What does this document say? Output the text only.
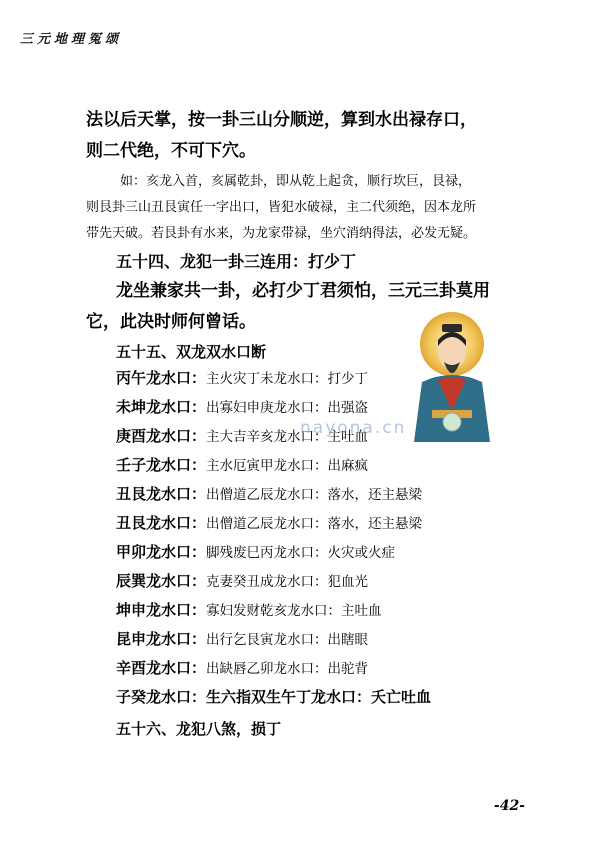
三元地理冤颂

法以后天掌，按一卦三山分顺逆，算到水出禄存口，

则二代绝，不可下穴。

如：亥龙入首，亥属乾卦，即从乾上起贪，顺行坎巨，艮禄，

则艮卦三山丑艮寅任一字出口，皆犯水破禄，主二代须绝，因本龙所

带先天破。若艮卦有水来，为龙家带禄，坐穴消纳得法，必发无疑。

五十四、龙犯一卦三连用：打少丁

龙坐兼家共一卦，必打少丁君须怕，三元三卦莫用

它，此决时师何曾话。

五十五、双龙双水口断

丙午龙水口： 主火灾丁未龙水口：打少丁
未坤龙水口： 出寡妇申庚龙水口：出强盗
庚酉龙水口： 主大吉辛亥龙水口：主吐血
壬子龙水口： 主水厄寅甲龙水口：出麻疯
丑艮龙水口： 出僧道乙辰龙水口：落水，还主悬梁
丑艮龙水口： 出僧道乙辰龙水口：落水，还主悬梁
甲卯龙水口： 脚残废巳丙龙水口：火灾或火症
辰巽龙水口： 克妻癸丑成龙水口：犯血光
坤申龙水口： 寡妇发财乾亥龙水口：主吐血
昆申龙水口： 出行乞艮寅龙水口：出瞎眼
辛酉龙水口： 出缺唇乙卯龙水口：出驼背
子癸龙水口： 生六指双生午丁龙水口：夭亡吐血

五十六、龙犯八煞，损丁

nayona.cn
-42-
